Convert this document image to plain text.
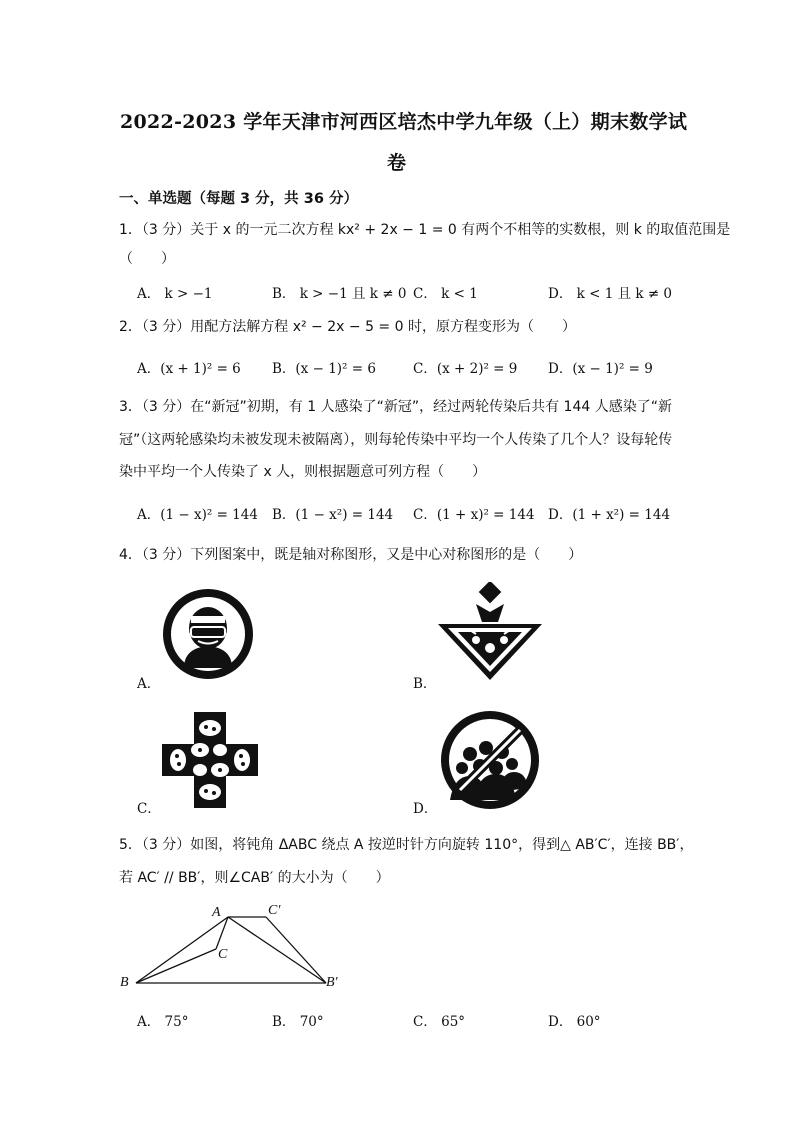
2022-2023 学年天津市河西区培杰中学九年级（上）期末数学试
卷
一、单选题（每题 3 分，共 36 分）
1．（3 分）关于 x 的一元二次方程 kx² + 2x − 1 = 0 有两个不相等的实数根，则 k 的取值范围是
（　　）
A． k > −1	B． k > −1 且 k ≠ 0 C． k < 1	D． k < 1 且 k ≠ 0
2．（3 分）用配方法解方程 x² − 2x − 5 = 0 时，原方程变形为（　　）
A．(x + 1)² = 6 B．(x − 1)² = 6	C．(x + 2)² = 9 D．(x − 1)² = 9
3．（3 分）在“新冠”初期，有 1 人感染了“新冠”，经过两轮传染后共有 144 人感染了“新
冠”（这两轮感染均未被发现未被隔离），则每轮传染中平均一个人传染了几个人？设每轮传
染中平均一个人传染了 x 人，则根据题意可列方程（　　）
A．(1 − x)² = 144 B．(1 − x²) = 144 C．(1 + x)² = 144 D．(1 + x²) = 144
4．（3 分）下列图案中，既是轴对称图形，又是中心对称图形的是（　　）
A．	B．
C．	D．
5．（3 分）如图，将钝角 ΔABC 绕点 A 按逆时针方向旋转 110°，得到△ AB′C′，连接 BB′，
若 AC′ // BB′，则∠CAB′ 的大小为（　　）
A	C′
C
B	B′
A． 75°	B． 70°	C． 65°	D． 60°
